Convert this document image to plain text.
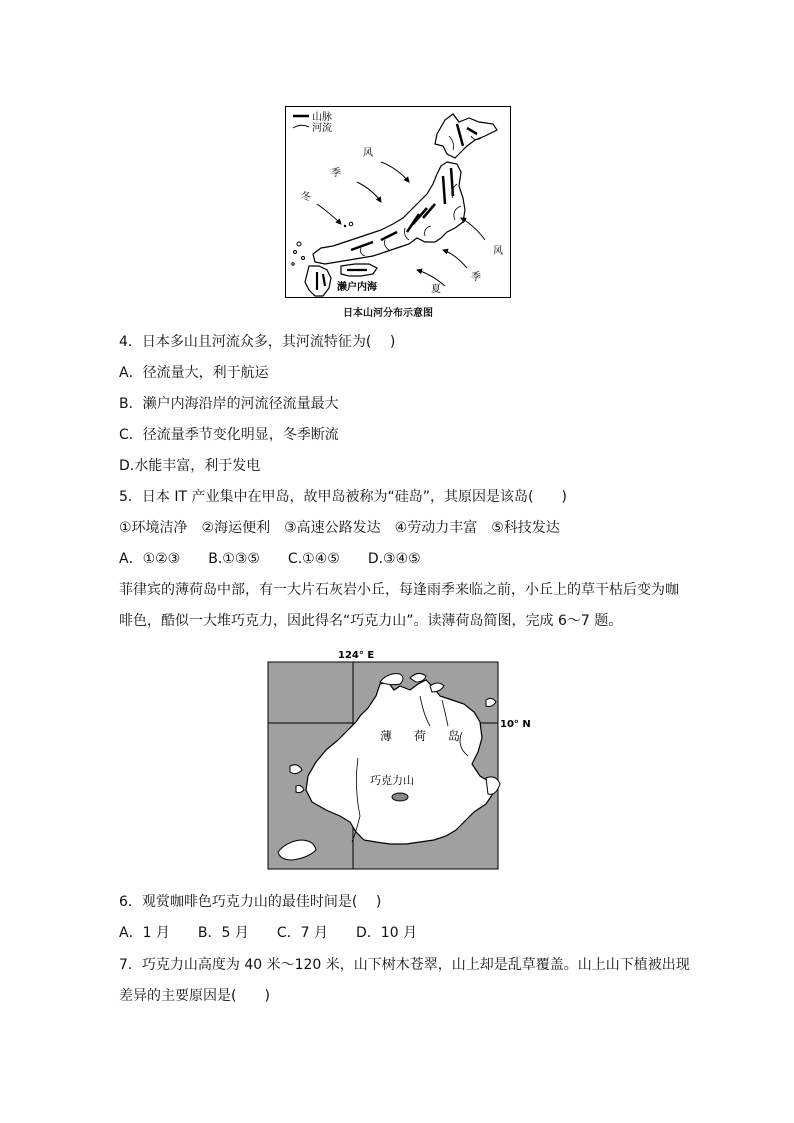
山脉
河流
风
季
冬
风
季
夏
濑户内海
日本山河分布示意图
4．日本多山且河流众多，其河流特征为(　 )
A．径流量大，利于航运
B．濑户内海沿岸的河流径流量最大
C．径流量季节变化明显，冬季断流
D.水能丰富，利于发电
5．日本 IT 产业集中在甲岛，故甲岛被称为“硅岛”，其原因是该岛(　　)
①环境洁净　②海运便利　③高速公路发达　④劳动力丰富　⑤科技发达
A．①②③　　B.①③⑤　　C.①④⑤　　D.③④⑤
菲律宾的薄荷岛中部，有一大片石灰岩小丘，每逢雨季来临之前，小丘上的草干枯后变为咖
啡色，酷似一大堆巧克力，因此得名“巧克力山”。读薄荷岛简图，完成 6～7 题。
124° E
10° N
薄 荷 岛
巧克力山
6．观赏咖啡色巧克力山的最佳时间是(　 )
A．1 月　　B．5 月　　C．7 月　　D．10 月
7．巧克力山高度为 40 米～120 米，山下树木苍翠，山上却是乱草覆盖。山上山下植被出现
差异的主要原因是(　　)
